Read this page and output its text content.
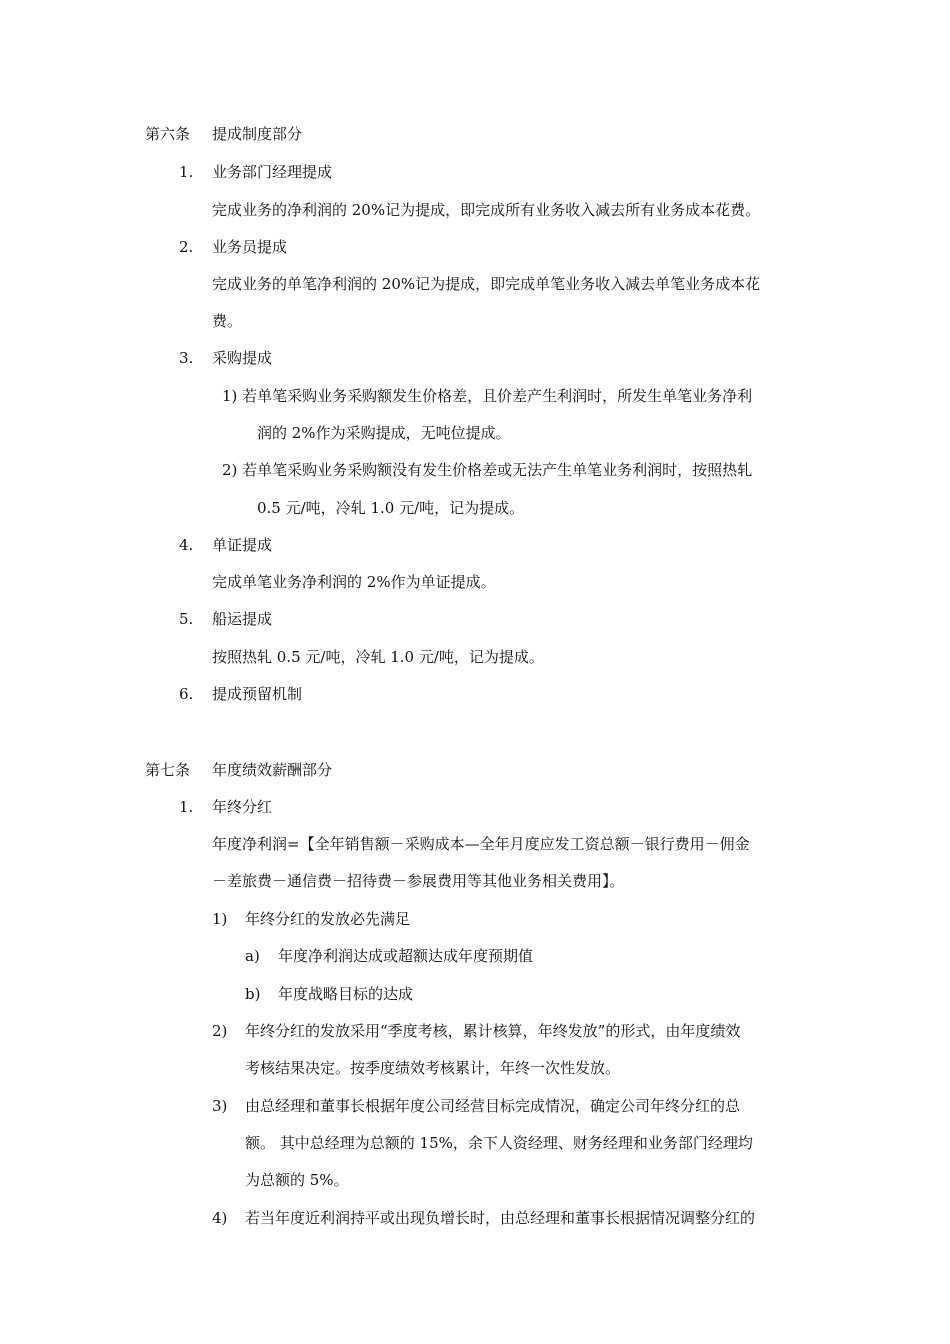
第六条 提成制度部分
1. 业务部门经理提成
完成业务的净利润的 20%记为提成，即完成所有业务收入减去所有业务成本花费。
2. 业务员提成
完成业务的单笔净利润的 20%记为提成，即完成单笔业务收入减去单笔业务成本花
费。
3. 采购提成
1) 若单笔采购业务采购额发生价格差，且价差产生利润时，所发生单笔业务净利
润的 2%作为采购提成，无吨位提成。
2) 若单笔采购业务采购额没有发生价格差或无法产生单笔业务利润时，按照热轧
0.5 元/吨，冷轧 1.0 元/吨，记为提成。
4. 单证提成
完成单笔业务净利润的 2%作为单证提成。
5. 船运提成
按照热轧 0.5 元/吨，冷轧 1.0 元/吨，记为提成。
6. 提成预留机制
第七条 年度绩效薪酬部分
1. 年终分红
年度净利润=【全年销售额－采购成本—全年月度应发工资总额－银行费用－佣金
－差旅费－通信费－招待费－参展费用等其他业务相关费用】。
1) 年终分红的发放必先满足
a) 年度净利润达成或超额达成年度预期值
b) 年度战略目标的达成
2) 年终分红的发放采用“季度考核，累计核算，年终发放”的形式，由年度绩效
考核结果决定。按季度绩效考核累计，年终一次性发放。
3) 由总经理和董事长根据年度公司经营目标完成情况，确定公司年终分红的总
额。 其中总经理为总额的 15%，余下人资经理、财务经理和业务部门经理均
为总额的 5%。
4) 若当年度近利润持平或出现负增长时，由总经理和董事长根据情况调整分红的
